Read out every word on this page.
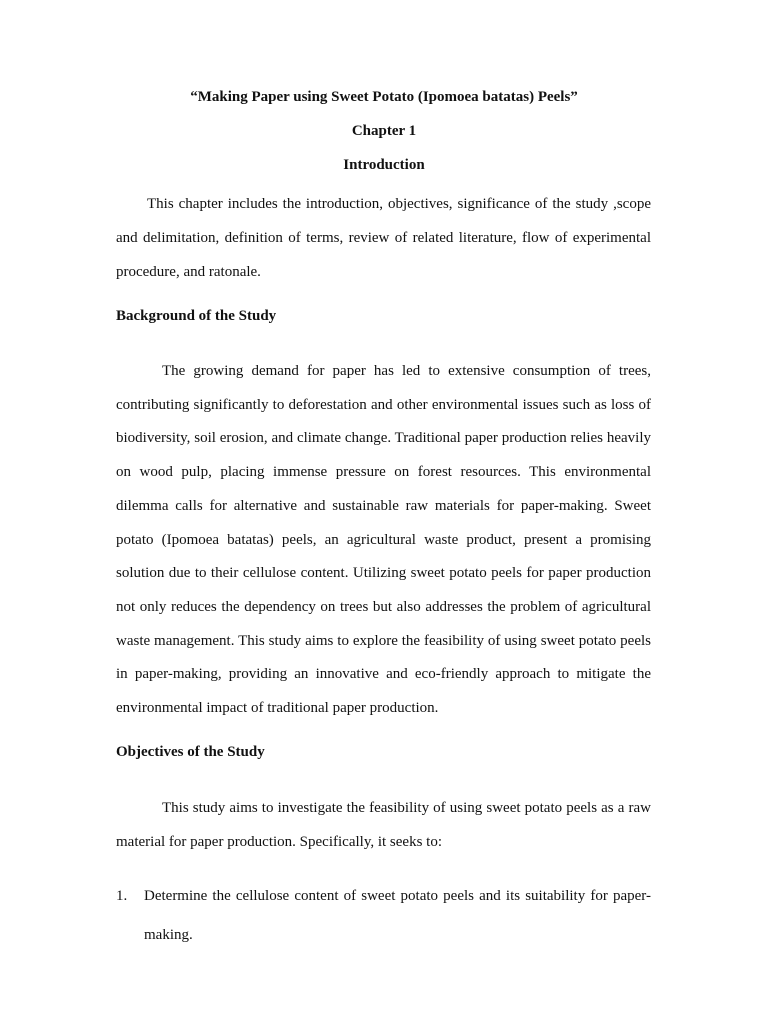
“Making Paper using Sweet Potato (Ipomoea batatas) Peels”
Chapter 1
Introduction

This chapter includes the introduction, objectives, significance of the study ,scope and delimitation, definition of terms, review of related literature, flow of experimental procedure, and ratonale.

Background of the Study

The growing demand for paper has led to extensive consumption of trees, contributing significantly to deforestation and other environmental issues such as loss of biodiversity, soil erosion, and climate change. Traditional paper production relies heavily on wood pulp, placing immense pressure on forest resources. This environmental dilemma calls for alternative and sustainable raw materials for paper-making. Sweet potato (Ipomoea batatas) peels, an agricultural waste product, present a promising solution due to their cellulose content. Utilizing sweet potato peels for paper production not only reduces the dependency on trees but also addresses the problem of agricultural waste management. This study aims to explore the feasibility of using sweet potato peels in paper-making, providing an innovative and eco-friendly approach to mitigate the environmental impact of traditional paper production.

Objectives of the Study

This study aims to investigate the feasibility of using sweet potato peels as a raw material for paper production. Specifically, it seeks to:

1. Determine the cellulose content of sweet potato peels and its suitability for paper-making.
